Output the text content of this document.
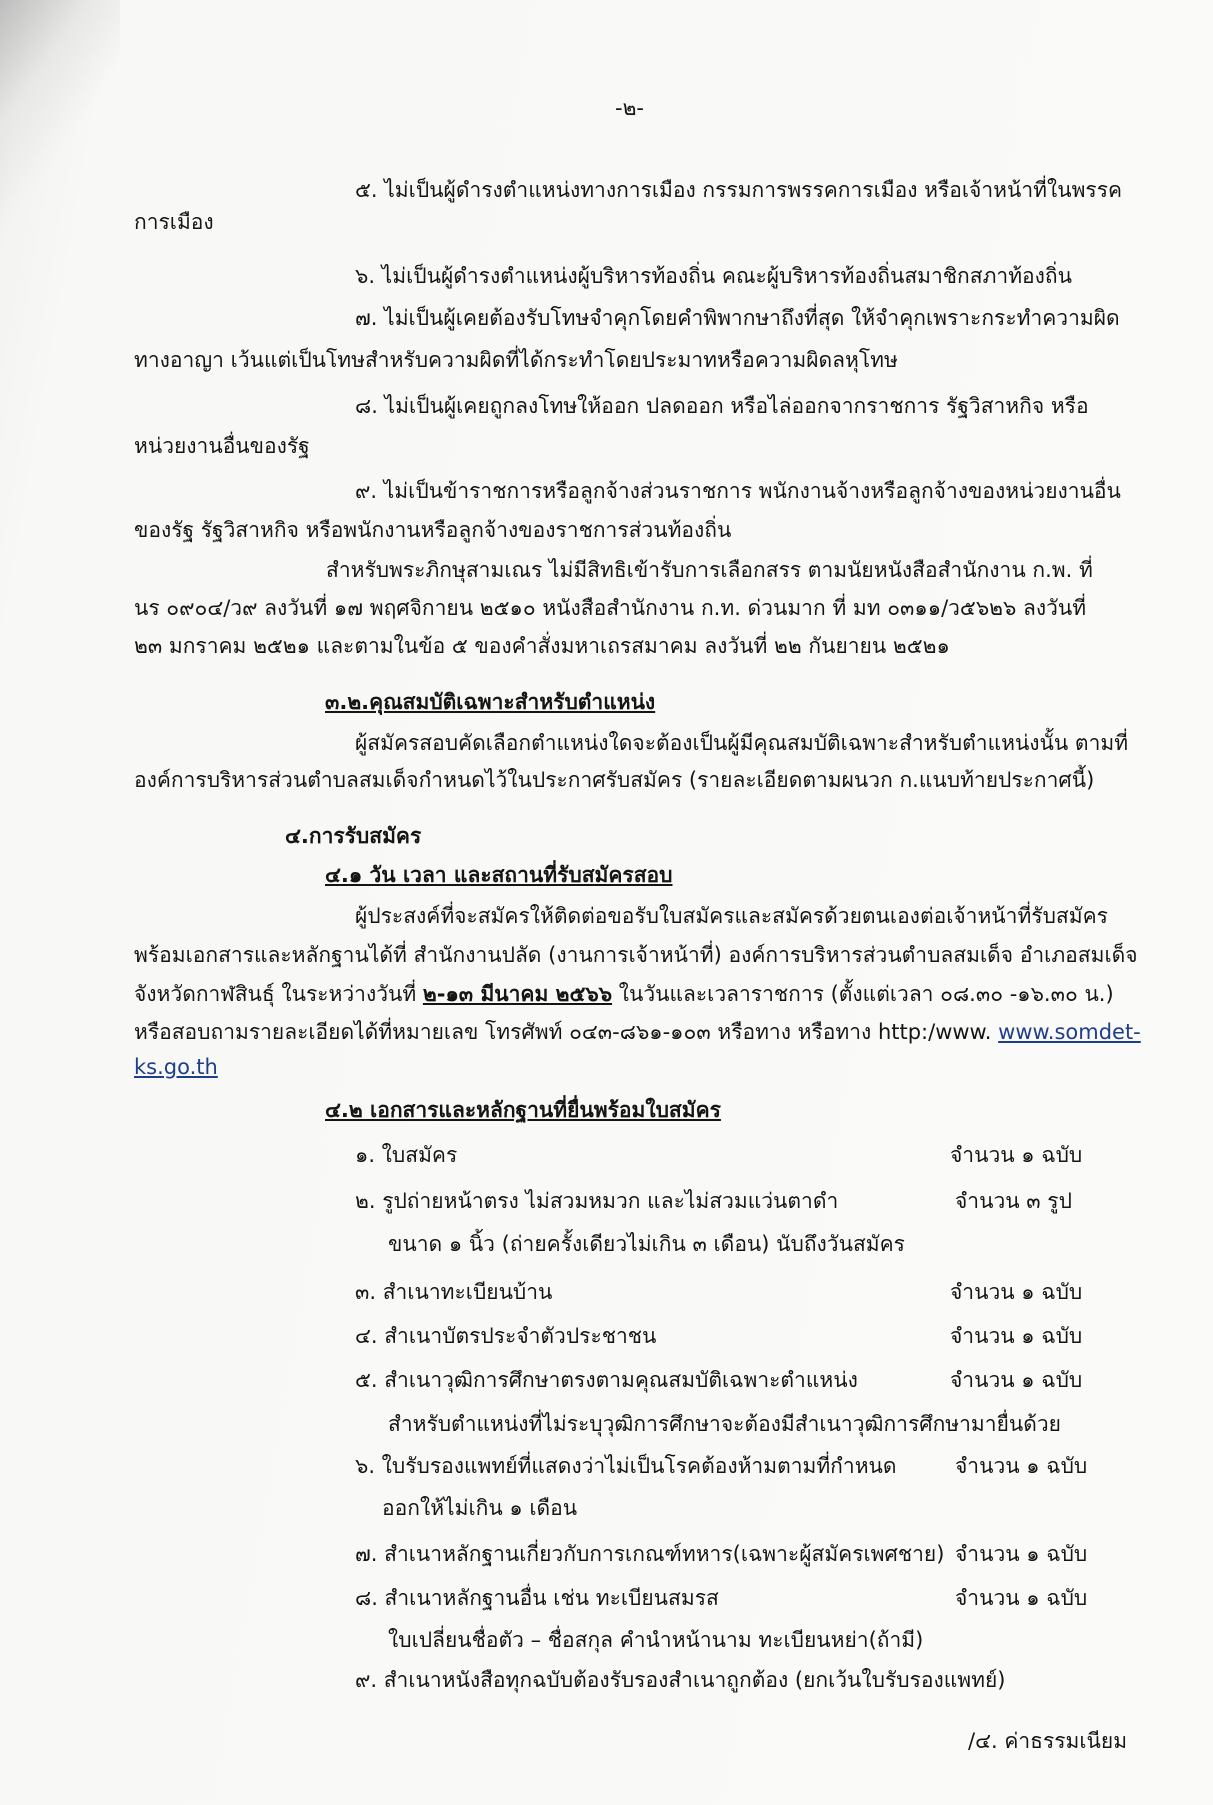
-๒-
๕. ไม่เป็นผู้ดำรงตำแหน่งทางการเมือง กรรมการพรรคการเมือง หรือเจ้าหน้าที่ในพรรค
การเมือง
๖. ไม่เป็นผู้ดำรงตำแหน่งผู้บริหารท้องถิ่น คณะผู้บริหารท้องถิ่นสมาชิกสภาท้องถิ่น
๗. ไม่เป็นผู้เคยต้องรับโทษจำคุกโดยคำพิพากษาถึงที่สุด ให้จำคุกเพราะกระทำความผิด
ทางอาญา เว้นแต่เป็นโทษสำหรับความผิดที่ได้กระทำโดยประมาทหรือความผิดลหุโทษ
๘. ไม่เป็นผู้เคยถูกลงโทษให้ออก ปลดออก หรือไล่ออกจากราชการ รัฐวิสาหกิจ หรือ
หน่วยงานอื่นของรัฐ
๙. ไม่เป็นข้าราชการหรือลูกจ้างส่วนราชการ พนักงานจ้างหรือลูกจ้างของหน่วยงานอื่น
ของรัฐ รัฐวิสาหกิจ หรือพนักงานหรือลูกจ้างของราชการส่วนท้องถิ่น
สำหรับพระภิกษุสามเณร ไม่มีสิทธิเข้ารับการเลือกสรร ตามนัยหนังสือสำนักงาน ก.พ. ที่
นร ๐๙๐๔/ว๙ ลงวันที่ ๑๗ พฤศจิกายน ๒๕๑๐ หนังสือสำนักงาน ก.ท. ด่วนมาก ที่ มท ๐๓๑๑/ว๕๖๒๖ ลงวันที่
๒๓ มกราคม ๒๕๒๑ และตามในข้อ ๕ ของคำสั่งมหาเถรสมาคม ลงวันที่ ๒๒ กันยายน ๒๕๒๑
๓.๒.คุณสมบัติเฉพาะสำหรับตำแหน่ง
ผู้สมัครสอบคัดเลือกตำแหน่งใดจะต้องเป็นผู้มีคุณสมบัติเฉพาะสำหรับตำแหน่งนั้น ตามที่
องค์การบริหารส่วนตำบลสมเด็จกำหนดไว้ในประกาศรับสมัคร (รายละเอียดตามผนวก ก.แนบท้ายประกาศนี้)
๔.การรับสมัคร
๔.๑ วัน เวลา และสถานที่รับสมัครสอบ
ผู้ประสงค์ที่จะสมัครให้ติดต่อขอรับใบสมัครและสมัครด้วยตนเองต่อเจ้าหน้าที่รับสมัคร
พร้อมเอกสารและหลักฐานได้ที่ สำนักงานปลัด (งานการเจ้าหน้าที่) องค์การบริหารส่วนตำบลสมเด็จ อำเภอสมเด็จ
จังหวัดกาฬสินธุ์ ในระหว่างวันที่ ๒-๑๓ มีนาคม ๒๕๖๖ ในวันและเวลาราชการ (ตั้งแต่เวลา ๐๘.๓๐ -๑๖.๓๐ น.)
หรือสอบถามรายละเอียดได้ที่หมายเลข โทรศัพท์ ๐๔๓-๘๖๑-๑๐๓ หรือทาง หรือทาง http:/www. www.somdet-
ks.go.th
๔.๒ เอกสารและหลักฐานที่ยื่นพร้อมใบสมัคร
๑. ใบสมัคร	จำนวน ๑ ฉบับ
๒. รูปถ่ายหน้าตรง ไม่สวมหมวก และไม่สวมแว่นตาดำ	จำนวน ๓ รูป
ขนาด ๑ นิ้ว (ถ่ายครั้งเดียวไม่เกิน ๓ เดือน) นับถึงวันสมัคร
๓. สำเนาทะเบียนบ้าน	จำนวน ๑ ฉบับ
๔. สำเนาบัตรประจำตัวประชาชน	จำนวน ๑ ฉบับ
๕. สำเนาวุฒิการศึกษาตรงตามคุณสมบัติเฉพาะตำแหน่ง	จำนวน ๑ ฉบับ
สำหรับตำแหน่งที่ไม่ระบุวุฒิการศึกษาจะต้องมีสำเนาวุฒิการศึกษามายื่นด้วย
๖. ใบรับรองแพทย์ที่แสดงว่าไม่เป็นโรคต้องห้ามตามที่กำหนด	จำนวน ๑ ฉบับ
ออกให้ไม่เกิน ๑ เดือน
๗. สำเนาหลักฐานเกี่ยวกับการเกณฑ์ทหาร(เฉพาะผู้สมัครเพศชาย) จำนวน ๑ ฉบับ
๘. สำเนาหลักฐานอื่น เช่น ทะเบียนสมรส	จำนวน ๑ ฉบับ
ใบเปลี่ยนชื่อตัว – ชื่อสกุล คำนำหน้านาม ทะเบียนหย่า(ถ้ามี)
๙. สำเนาหนังสือทุกฉบับต้องรับรองสำเนาถูกต้อง (ยกเว้นใบรับรองแพทย์)
/๔. ค่าธรรมเนียม
